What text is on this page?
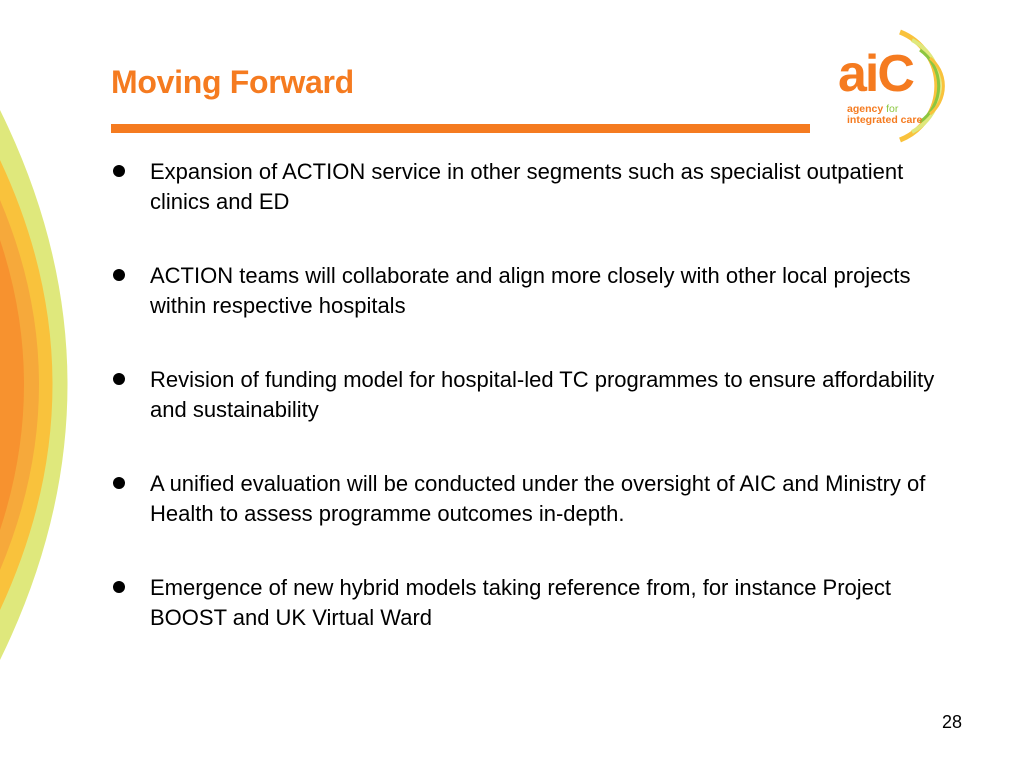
Moving Forward	aiC
agency for
integrated care
Expansion of ACTION service in other segments such as specialist outpatient clinics and ED
ACTION teams will collaborate and align more closely with other local projects within respective hospitals
Revision of funding model for hospital-led TC programmes to ensure affordability and sustainability
A unified evaluation will be conducted under the oversight of AIC and Ministry of Health to assess programme outcomes in-depth.
Emergence of new hybrid models taking reference from, for instance Project BOOST and UK Virtual Ward
28
